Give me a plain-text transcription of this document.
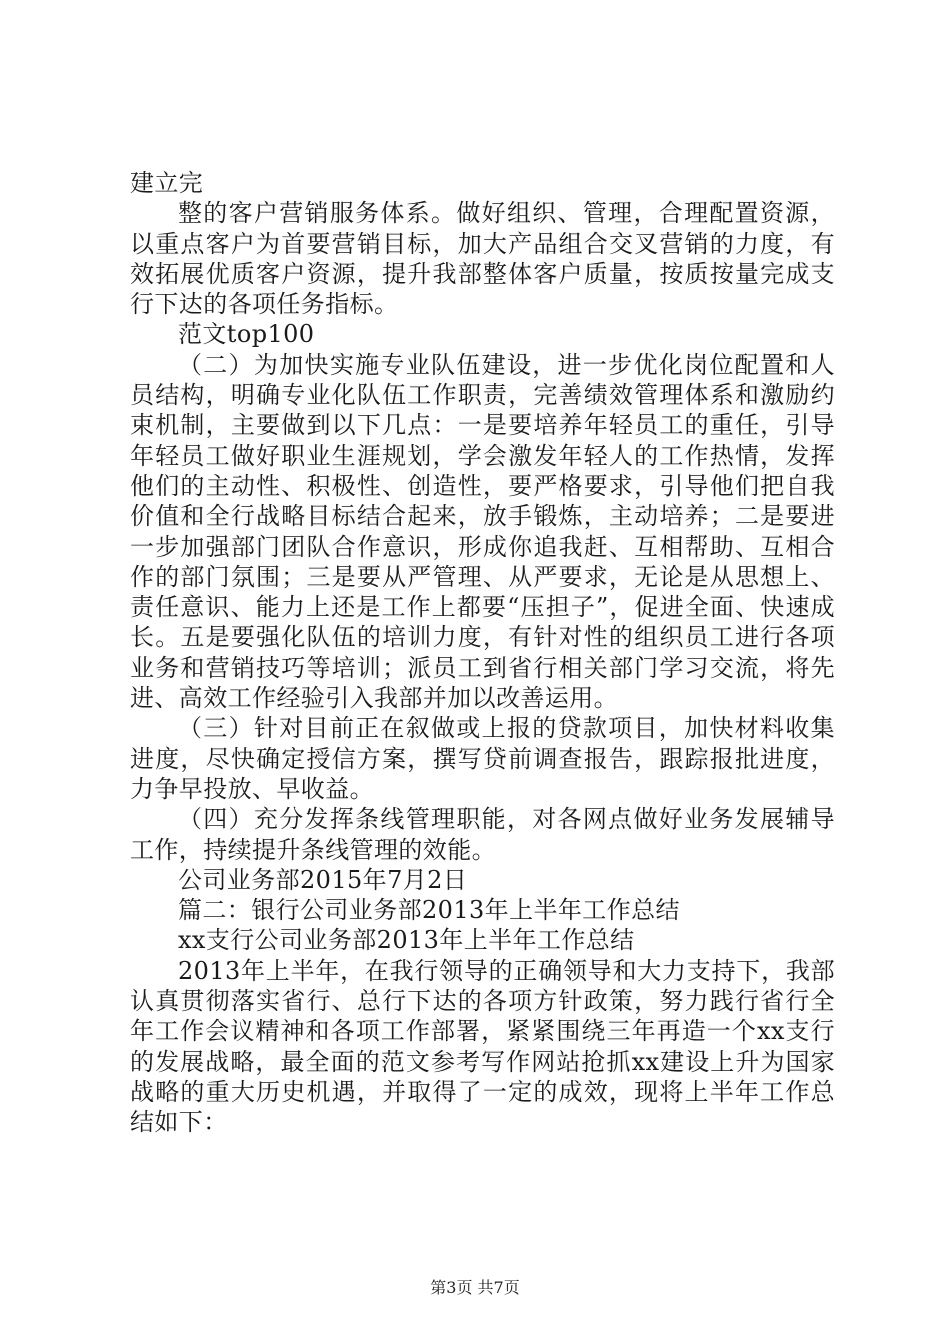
建立完

整的客户营销服务体系。做好组织、管理，合理配置资源，以重点客户为首要营销目标，加大产品组合交叉营销的力度，有效拓展优质客户资源，提升我部整体客户质量，按质按量完成支行下达的各项任务指标。

范文top100

（二）为加快实施专业队伍建设，进一步优化岗位配置和人员结构，明确专业化队伍工作职责，完善绩效管理体系和激励约束机制，主要做到以下几点：一是要培养年轻员工的重任，引导年轻员工做好职业生涯规划，学会激发年轻人的工作热情，发挥他们的主动性、积极性、创造性，要严格要求，引导他们把自我价值和全行战略目标结合起来，放手锻炼，主动培养；二是要进一步加强部门团队合作意识，形成你追我赶、互相帮助、互相合作的部门氛围；三是要从严管理、从严要求，无论是从思想上、责任意识、能力上还是工作上都要“压担子”，促进全面、快速成长。五是要强化队伍的培训力度，有针对性的组织员工进行各项业务和营销技巧等培训；派员工到省行相关部门学习交流，将先进、高效工作经验引入我部并加以改善运用。

（三）针对目前正在叙做或上报的贷款项目，加快材料收集进度，尽快确定授信方案，撰写贷前调查报告，跟踪报批进度，力争早投放、早收益。

（四）充分发挥条线管理职能，对各网点做好业务发展辅导工作，持续提升条线管理的效能。

公司业务部2015年7月2日

篇二：银行公司业务部2013年上半年工作总结

xx支行公司业务部2013年上半年工作总结

2013年上半年，在我行领导的正确领导和大力支持下，我部认真贯彻落实省行、总行下达的各项方针政策，努力践行省行全年工作会议精神和各项工作部署，紧紧围绕三年再造一个xx支行的发展战略，最全面的范文参考写作网站抢抓xx建设上升为国家战略的重大历史机遇，并取得了一定的成效，现将上半年工作总结如下：

第3页 共7页
